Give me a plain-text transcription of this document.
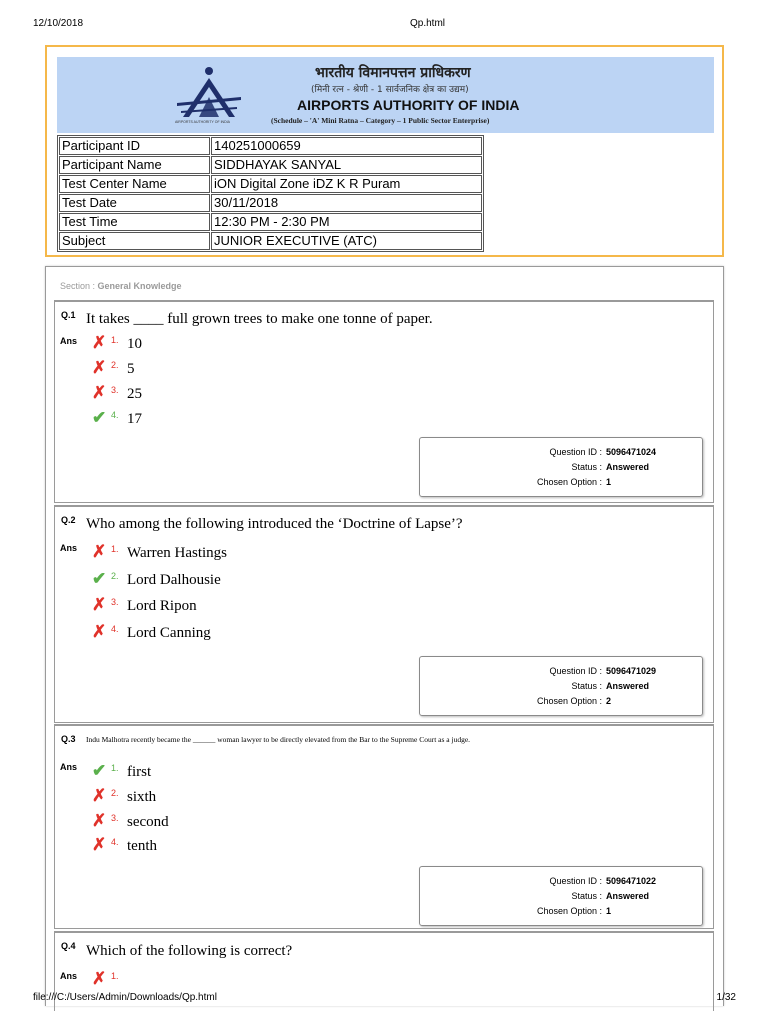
12/10/2018	Qp.html
AIRPORTS AUTHORITY OF INDIA
भारतीय विमानपत्तन प्राधिकरण
(मिनी रत्न - श्रेणी - 1 सार्वजनिक क्षेत्र का उद्यम)
AIRPORTS AUTHORITY OF INDIA
(Schedule – 'A' Mini Ratna – Category – 1 Public Sector Enterprise)
Participant ID	140251000659
Participant Name	SIDDHAYAK SANYAL
Test Center Name	iON Digital Zone iDZ K R Puram
Test Date	30/11/2018
Test Time	12:30 PM - 2:30 PM
Subject	JUNIOR EXECUTIVE (ATC)
Section : General Knowledge
Q.1 It takes ____ full grown trees to make one tonne of paper.
Ans ✗ 1. 10
✗ 2. 5
✗ 3. 25
✔ 4. 17
Question ID : 5096471024
Status : Answered
Chosen Option : 1
Q.2 Who among the following introduced the ‘Doctrine of Lapse’?
Ans ✗ 1. Warren Hastings
✔ 2. Lord Dalhousie
✗ 3. Lord Ripon
✗ 4. Lord Canning
Question ID : 5096471029
Status : Answered
Chosen Option : 2
Q.3 Indu Malhotra recently became the ______ woman lawyer to be directly elevated from the Bar to the Supreme Court as a judge.
Ans ✔ 1. first
✗ 2. sixth
✗ 3. second
✗ 4. tenth
Question ID : 5096471022
Status : Answered
Chosen Option : 1
Q.4 Which of the following is correct?
Ans ✗ 1.
file:///C:/Users/Admin/Downloads/Qp.html	1/32
